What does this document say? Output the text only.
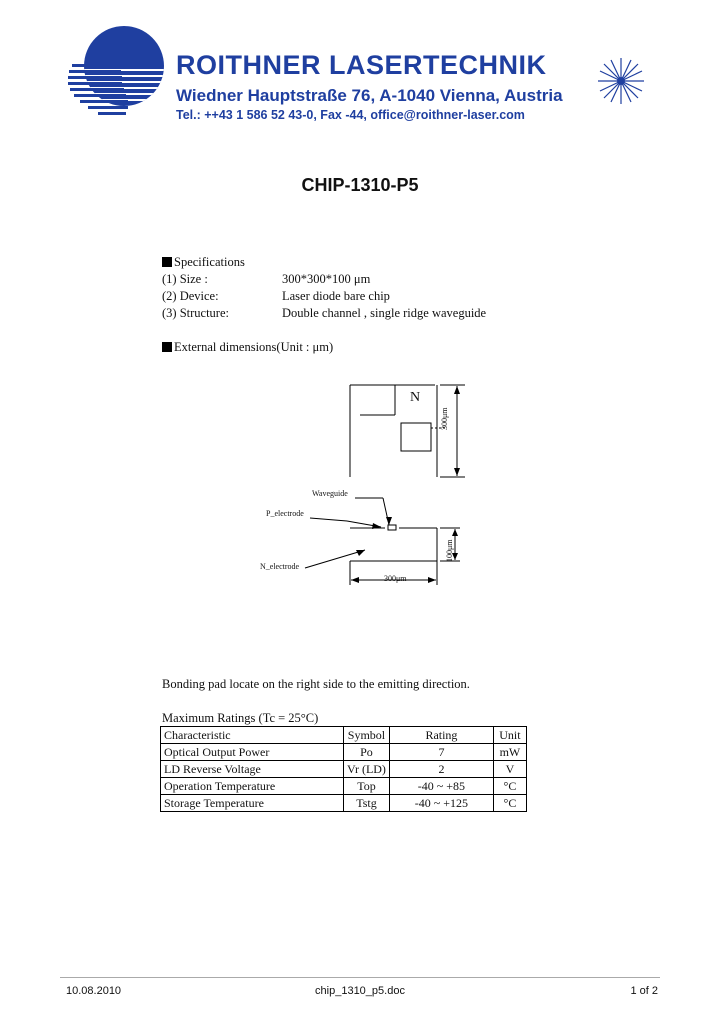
ROITHNER LASERTECHNIK
Wiedner Hauptstraße 76, A-1040 Vienna, Austria
Tel.: ++43 1 586 52 43-0, Fax -44, office@roithner-laser.com
CHIP-1310-P5
Specifications
(1) Size :	300*300*100 μm
(2) Device:	Laser diode bare chip
(3) Structure:	Double channel , single ridge waveguide
External dimensions(Unit : μm)
N
300μm
Waveguide
P_electrode
N_electrode
100μm
300μm
Bonding pad locate on the right side to the emitting direction.
Maximum Ratings (Tc = 25°C)
Characteristic	Symbol	Rating	Unit
Optical Output Power	Po	7	mW
LD Reverse Voltage	Vr (LD)	2	V
Operation Temperature	Top	-40 ~ +85	°C
Storage Temperature	Tstg	-40 ~ +125	°C
10.08.2010	chip_1310_p5.doc	1 of 2
